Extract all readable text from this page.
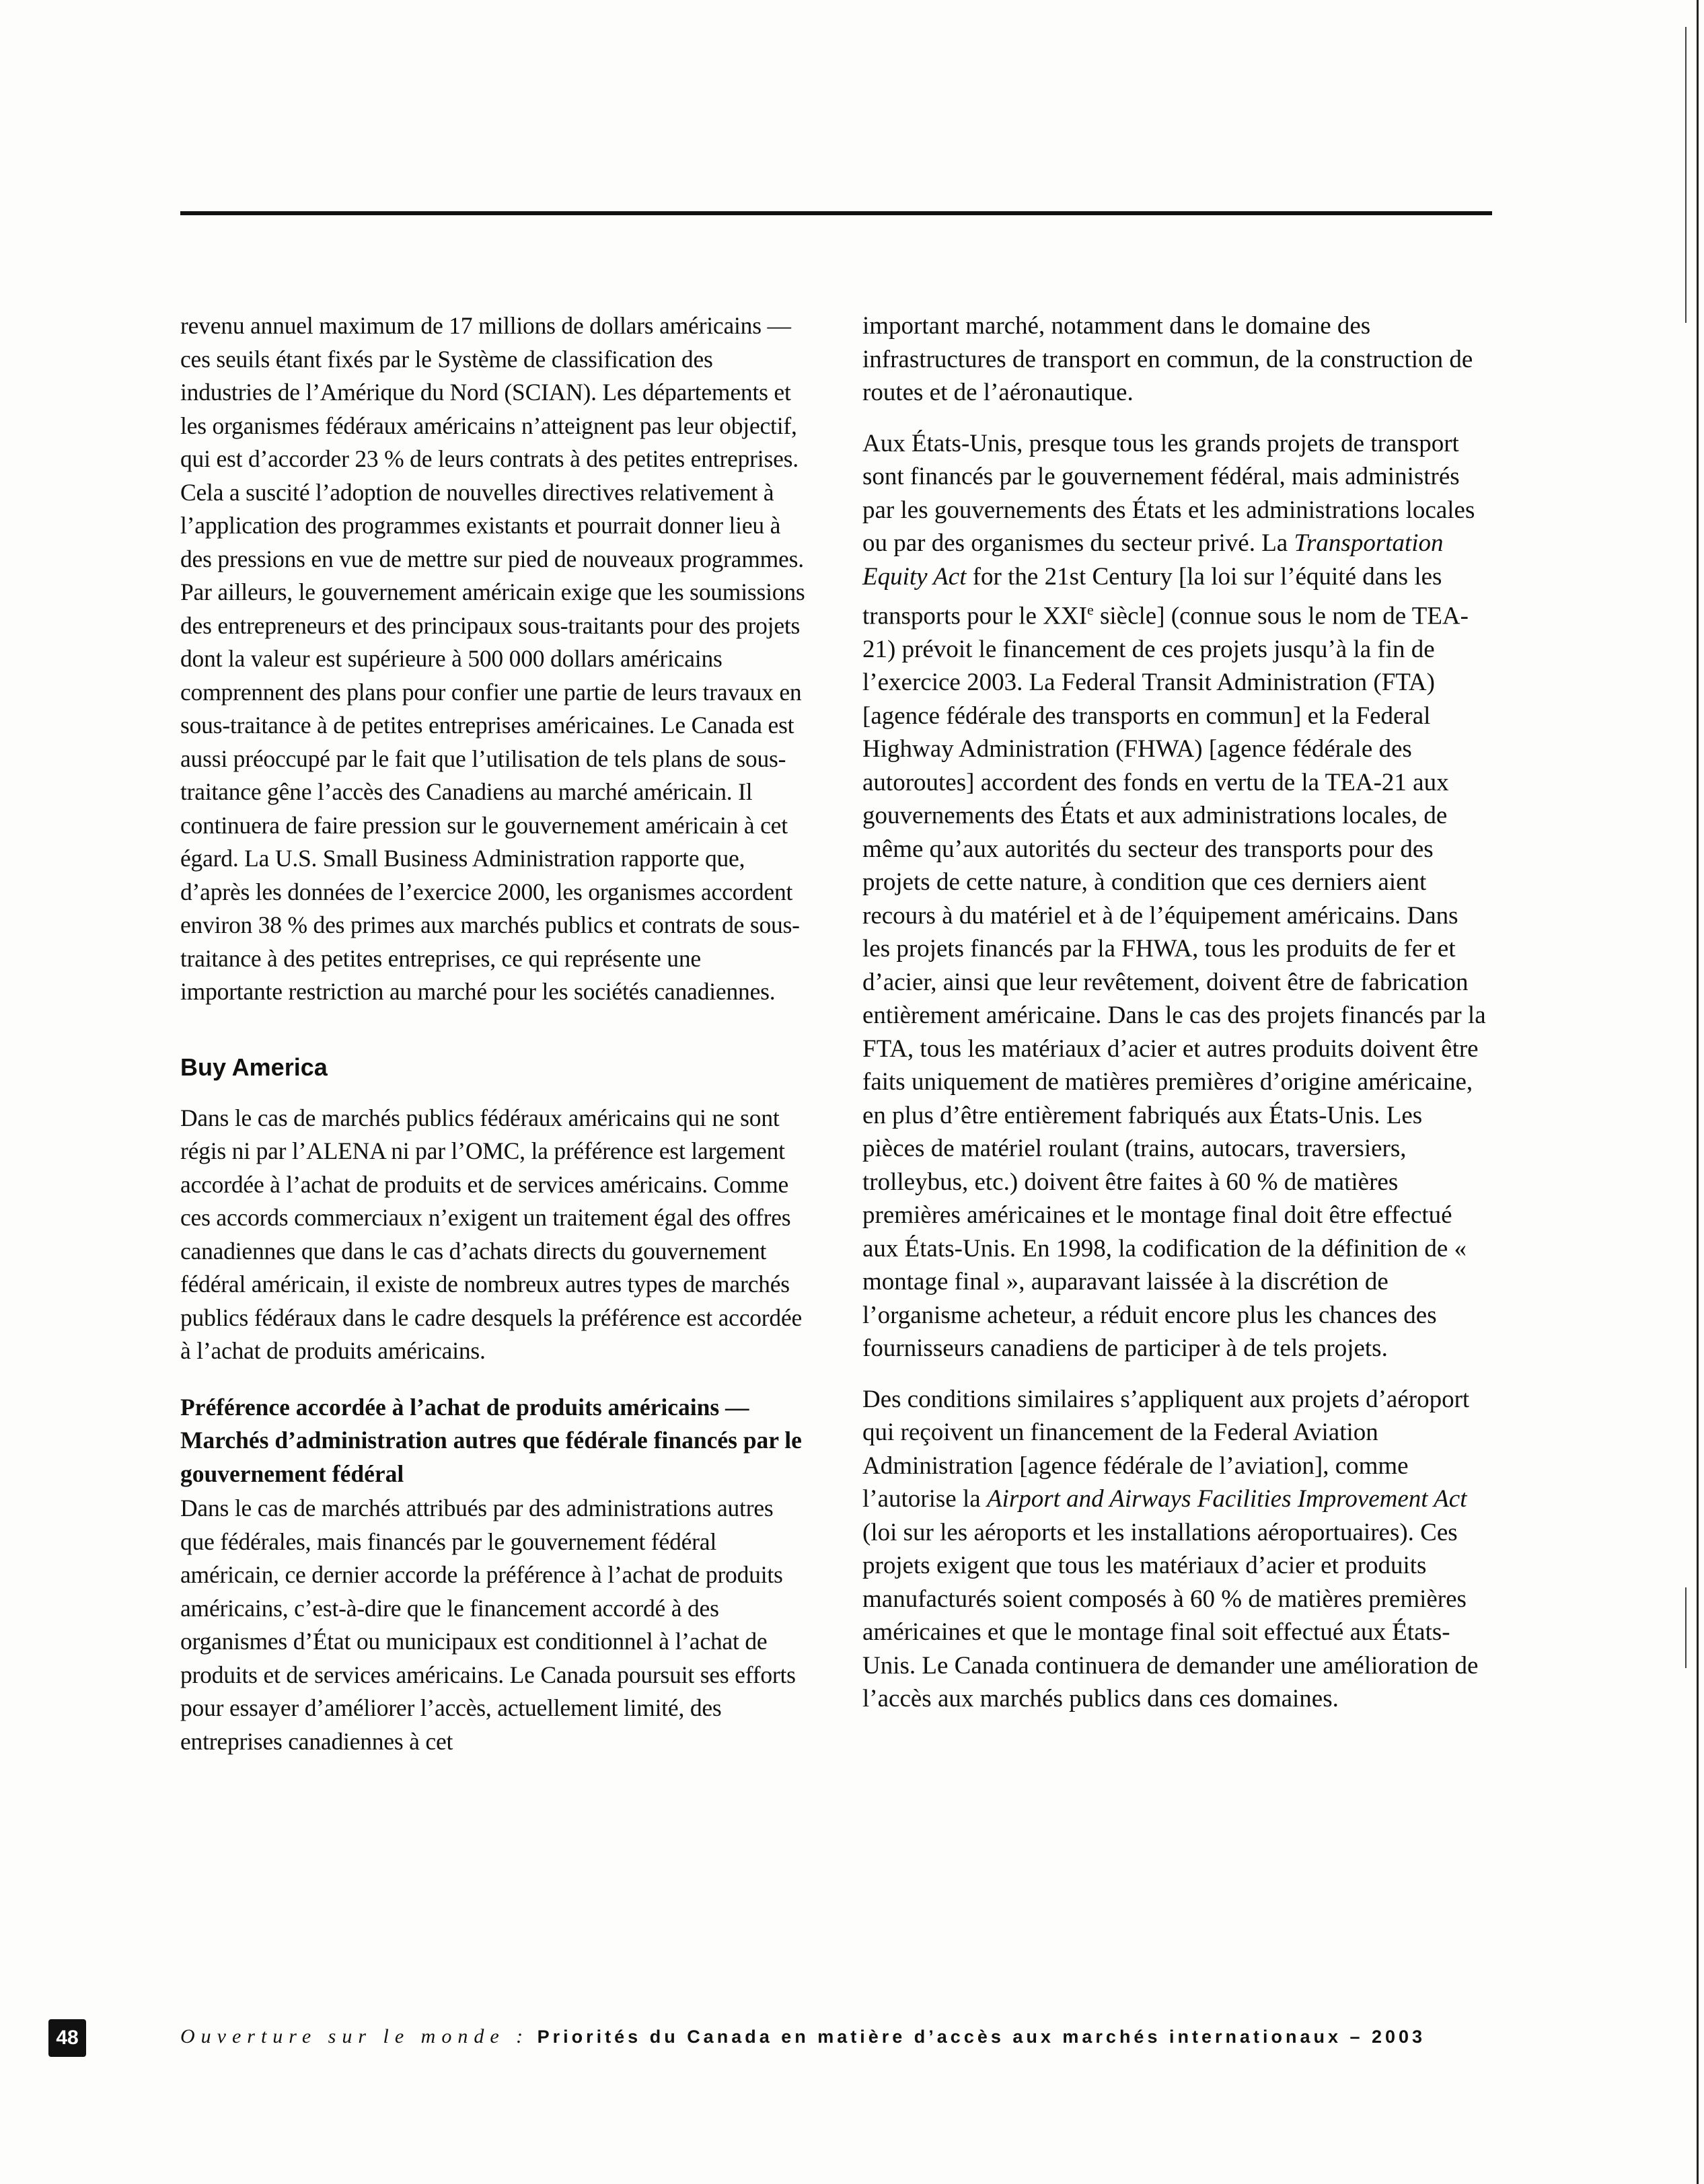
revenu annuel maximum de 17 millions de dollars américains — ces seuils étant fixés par le Système de classification des industries de l’Amérique du Nord (SCIAN). Les départements et les organismes fédéraux américains n’atteignent pas leur objectif, qui est d’accorder 23 % de leurs contrats à des petites entreprises. Cela a suscité l’adoption de nouvelles directives relativement à l’application des programmes existants et pourrait donner lieu à des pressions en vue de mettre sur pied de nouveaux programmes. Par ailleurs, le gouvernement américain exige que les soumissions des entrepreneurs et des principaux sous-traitants pour des projets dont la valeur est supérieure à 500 000 dollars américains comprennent des plans pour confier une partie de leurs travaux en sous-traitance à de petites entreprises américaines. Le Canada est aussi préoccupé par le fait que l’utilisation de tels plans de sous-traitance gêne l’accès des Canadiens au marché américain. Il continuera de faire pression sur le gouvernement américain à cet égard. La U.S. Small Business Administration rapporte que, d’après les données de l’exercice 2000, les organismes accordent environ 38 % des primes aux marchés publics et contrats de sous-traitance à des petites entreprises, ce qui représente une importante restriction au marché pour les sociétés canadiennes.

Buy America

Dans le cas de marchés publics fédéraux américains qui ne sont régis ni par l’ALENA ni par l’OMC, la préférence est largement accordée à l’achat de produits et de services américains. Comme ces accords commerciaux n’exigent un traitement égal des offres canadiennes que dans le cas d’achats directs du gouvernement fédéral américain, il existe de nombreux autres types de marchés publics fédéraux dans le cadre desquels la préférence est accordée à l’achat de produits américains.

Préférence accordée à l’achat de produits américains — Marchés d’administration autres que fédérale financés par le gouvernement fédéral

Dans le cas de marchés attribués par des administrations autres que fédérales, mais financés par le gouvernement fédéral américain, ce dernier accorde la préférence à l’achat de produits américains, c’est-à-dire que le financement accordé à des organismes d’État ou municipaux est conditionnel à l’achat de produits et de services américains. Le Canada poursuit ses efforts pour essayer d’améliorer l’accès, actuellement limité, des entreprises canadiennes à cet

important marché, notamment dans le domaine des infrastructures de transport en commun, de la construction de routes et de l’aéronautique.

Aux États-Unis, presque tous les grands projets de transport sont financés par le gouvernement fédéral, mais administrés par les gouvernements des États et les administrations locales ou par des organismes du secteur privé. La Transportation Equity Act for the 21st Century [la loi sur l’équité dans les transports pour le XXIe siècle] (connue sous le nom de TEA-21) prévoit le financement de ces projets jusqu’à la fin de l’exercice 2003. La Federal Transit Administration (FTA) [agence fédérale des transports en commun] et la Federal Highway Administration (FHWA) [agence fédérale des autoroutes] accordent des fonds en vertu de la TEA-21 aux gouvernements des États et aux administrations locales, de même qu’aux autorités du secteur des transports pour des projets de cette nature, à condition que ces derniers aient recours à du matériel et à de l’équipement américains. Dans les projets financés par la FHWA, tous les produits de fer et d’acier, ainsi que leur revêtement, doivent être de fabrication entièrement américaine. Dans le cas des projets financés par la FTA, tous les matériaux d’acier et autres produits doivent être faits uniquement de matières premières d’origine américaine, en plus d’être entièrement fabriqués aux États-Unis. Les pièces de matériel roulant (trains, autocars, traversiers, trolleybus, etc.) doivent être faites à 60 % de matières premières américaines et le montage final doit être effectué aux États-Unis. En 1998, la codification de la définition de « montage final », auparavant laissée à la discrétion de l’organisme acheteur, a réduit encore plus les chances des fournisseurs canadiens de participer à de tels projets.

Des conditions similaires s’appliquent aux projets d’aéroport qui reçoivent un financement de la Federal Aviation Administration [agence fédérale de l’aviation], comme l’autorise la Airport and Airways Facilities Improvement Act (loi sur les aéroports et les installations aéroportuaires). Ces projets exigent que tous les matériaux d’acier et produits manufacturés soient composés à 60 % de matières premières américaines et que le montage final soit effectué aux États-Unis. Le Canada continuera de demander une amélioration de l’accès aux marchés publics dans ces domaines.

48	Ouverture sur le monde : Priorités du Canada en matière d’accès aux marchés internationaux – 2003
